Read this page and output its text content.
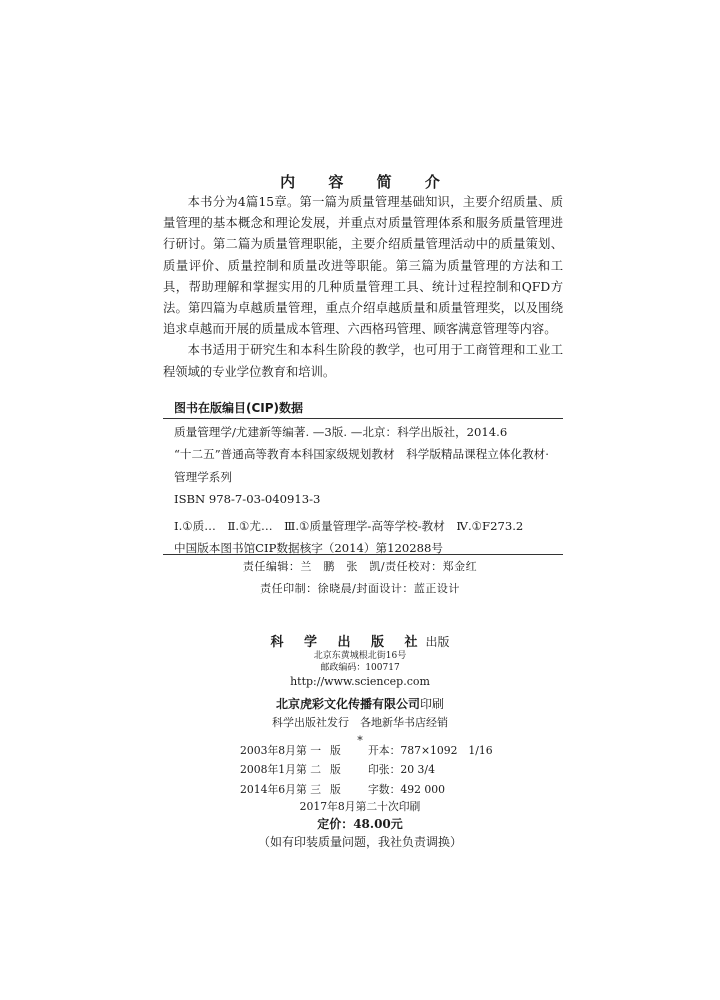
内 容 简 介

本书分为4篇15章。第一篇为质量管理基础知识，主要介绍质量、质量管理的基本概念和理论发展，并重点对质量管理体系和服务质量管理进行研讨。第二篇为质量管理职能，主要介绍质量管理活动中的质量策划、质量评价、质量控制和质量改进等职能。第三篇为质量管理的方法和工具，帮助理解和掌握实用的几种质量管理工具、统计过程控制和QFD方法。第四篇为卓越质量管理，重点介绍卓越质量和质量管理奖，以及围绕追求卓越而开展的质量成本管理、六西格玛管理、顾客满意管理等内容。

本书适用于研究生和本科生阶段的教学，也可用于工商管理和工业工程领域的专业学位教育和培训。

图书在版编目(CIP)数据
质量管理学/尤建新等编著. —3版. —北京：科学出版社，2014.6
“十二五”普通高等教育本科国家级规划教材　科学版精品课程立体化教材·管理学系列
ISBN 978-7-03-040913-3
Ⅰ.①质…　Ⅱ.①尤…　Ⅲ.①质量管理学-高等学校-教材　Ⅳ.①F273.2
中国版本图书馆CIP数据核字（2014）第120288号
责任编辑：兰　鹏　张　凯/责任校对：郑金红
责任印制：徐晓晨/封面设计：蓝正设计
科 学 出 版 社出版
北京东黄城根北街16号
邮政编码：100717
http://www.sciencep.com
北京虎彩文化传播有限公司印刷
科学出版社发行　各地新华书店经销
*
2003年8月第 一版	开本：787×1092　1/16
2008年1月第 二版	印张：20 3/4
2014年6月第 三版	字数：492 000
2017年8月第二十次印刷
定价：48.00元
（如有印装质量问题，我社负责调换）
